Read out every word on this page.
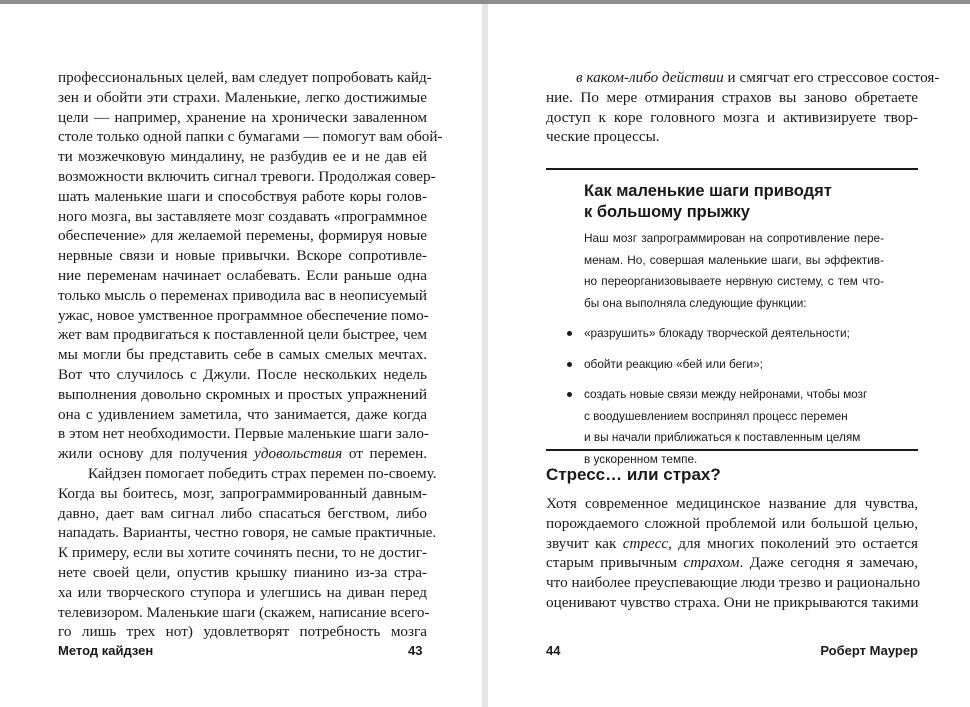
профессиональных целей, вам следует попробовать кайд-
зен и обойти эти страхи. Маленькие, легко достижимые
цели — например, хранение на хронически заваленном
столе только одной папки с бумагами — помогут вам обой-
ти мозжечковую миндалину, не разбудив ее и не дав ей
возможности включить сигнал тревоги. Продолжая совер-
шать маленькие шаги и способствуя работе коры голов-
ного мозга, вы заставляете мозг создавать «программное
обеспечение» для желаемой перемены, формируя новые
нервные связи и новые привычки. Вскоре сопротивле-
ние переменам начинает ослабевать. Если раньше одна
только мысль о переменах приводила вас в неописуемый
ужас, новое умственное программное обеспечение помо-
жет вам продвигаться к поставленной цели быстрее, чем
мы могли бы представить себе в самых смелых мечтах.
Вот что случилось с Джули. После нескольких недель
выполнения довольно скромных и простых упражнений
она с удивлением заметила, что занимается, даже когда
в этом нет необходимости. Первые маленькие шаги зало-
жили основу для получения удовольствия от перемен.

Кайдзен помогает победить страх перемен по-своему.

Когда вы боитесь, мозг, запрограммированный давным-
давно, дает вам сигнал либо спасаться бегством, либо
нападать. Варианты, честно говоря, не самые практичные.
К примеру, если вы хотите сочинять песни, то не достиг-
нете своей цели, опустив крышку пианино из-за стра-
ха или творческого ступора и улегшись на диван перед
телевизором. Маленькие шаги (скажем, написание всего-
го лишь трех нот) удовлетворят потребность мозга

Метод кайдзен	43

в каком-либо действии и смягчат его стрессовое состоя-
ние. По мере отмирания страхов вы заново обретаете
доступ к коре головного мозга и активизируете твор-
ческие процессы.

Как маленькие шаги приводят
к большому прыжку
Наш мозг запрограммирован на сопротивление пере-
менам. Но, совершая маленькие шаги, вы эффектив-
но переорганизовываете нервную систему, с тем что-
бы она выполняла следующие функции:
«разрушить» блокаду творческой деятельности;
обойти реакцию «бей или беги»;
создать новые связи между нейронами, чтобы мозг
с воодушевлением воспринял процесс перемен
и вы начали приближаться к поставленным целям
в ускоренном темпе.
Стресс… или страх?

Хотя современное медицинское название для чувства,
порождаемого сложной проблемой или большой целью,
звучит как стресс, для многих поколений это остается
старым привычным страхом. Даже сегодня я замечаю,
что наиболее преуспевающие люди трезво и рационально
оценивают чувство страха. Они не прикрываются такими

44	Роберт Маурер
